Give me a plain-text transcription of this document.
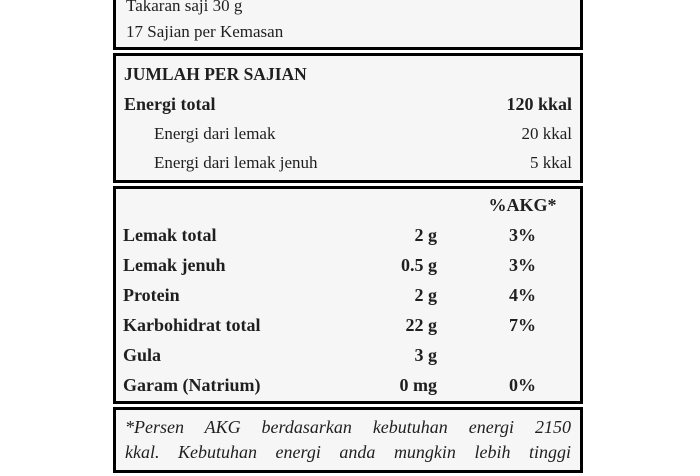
Takaran saji 30 g
17 Sajian per Kemasan
JUMLAH PER SAJIAN
Energi total	120 kkal
Energi dari lemak	20 kkal
Energi dari lemak jenuh	5 kkal
%AKG*
Lemak total	2 g	3%
Lemak jenuh	0.5 g	3%
Protein	2 g	4%
Karbohidrat total	22 g	7%
Gula	3 g
Garam (Natrium)	0 mg	0%
*Persen AKG berdasarkan kebutuhan energi 2150
kkal. Kebutuhan energi anda mungkin lebih tinggi
